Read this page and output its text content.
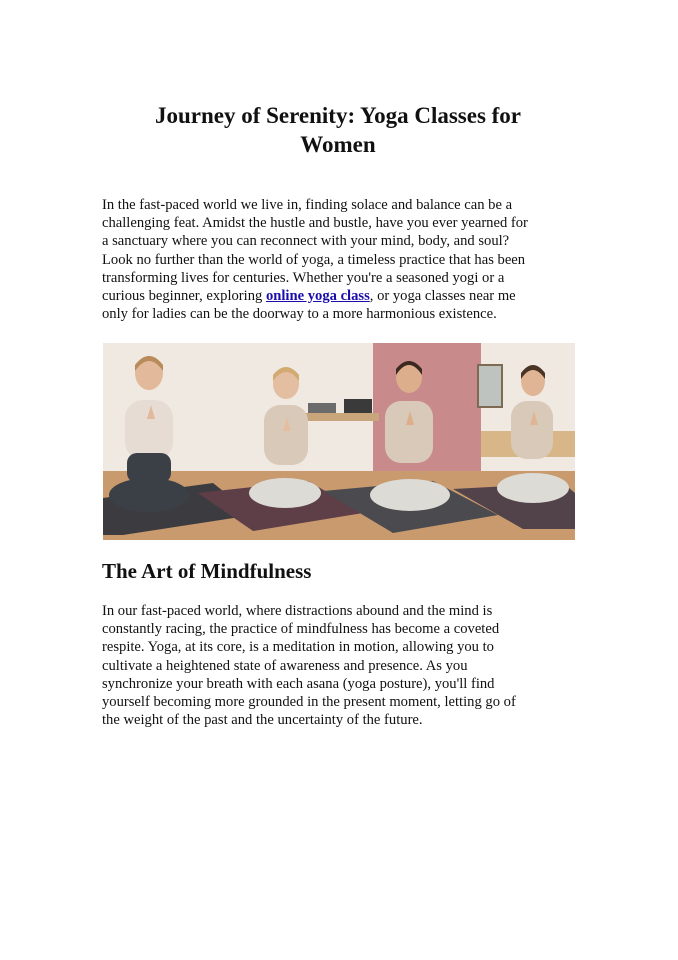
Journey of Serenity: Yoga Classes for
Women
In the fast-paced world we live in, finding solace and balance can be a
challenging feat. Amidst the hustle and bustle, have you ever yearned for
a sanctuary where you can reconnect with your mind, body, and soul?
Look no further than the world of yoga, a timeless practice that has been
transforming lives for centuries. Whether you're a seasoned yogi or a
curious beginner, exploring online yoga class, or yoga classes near me
only for ladies can be the doorway to a more harmonious existence.
The Art of Mindfulness
In our fast-paced world, where distractions abound and the mind is
constantly racing, the practice of mindfulness has become a coveted
respite. Yoga, at its core, is a meditation in motion, allowing you to
cultivate a heightened state of awareness and presence. As you
synchronize your breath with each asana (yoga posture), you'll find
yourself becoming more grounded in the present moment, letting go of
the weight of the past and the uncertainty of the future.
